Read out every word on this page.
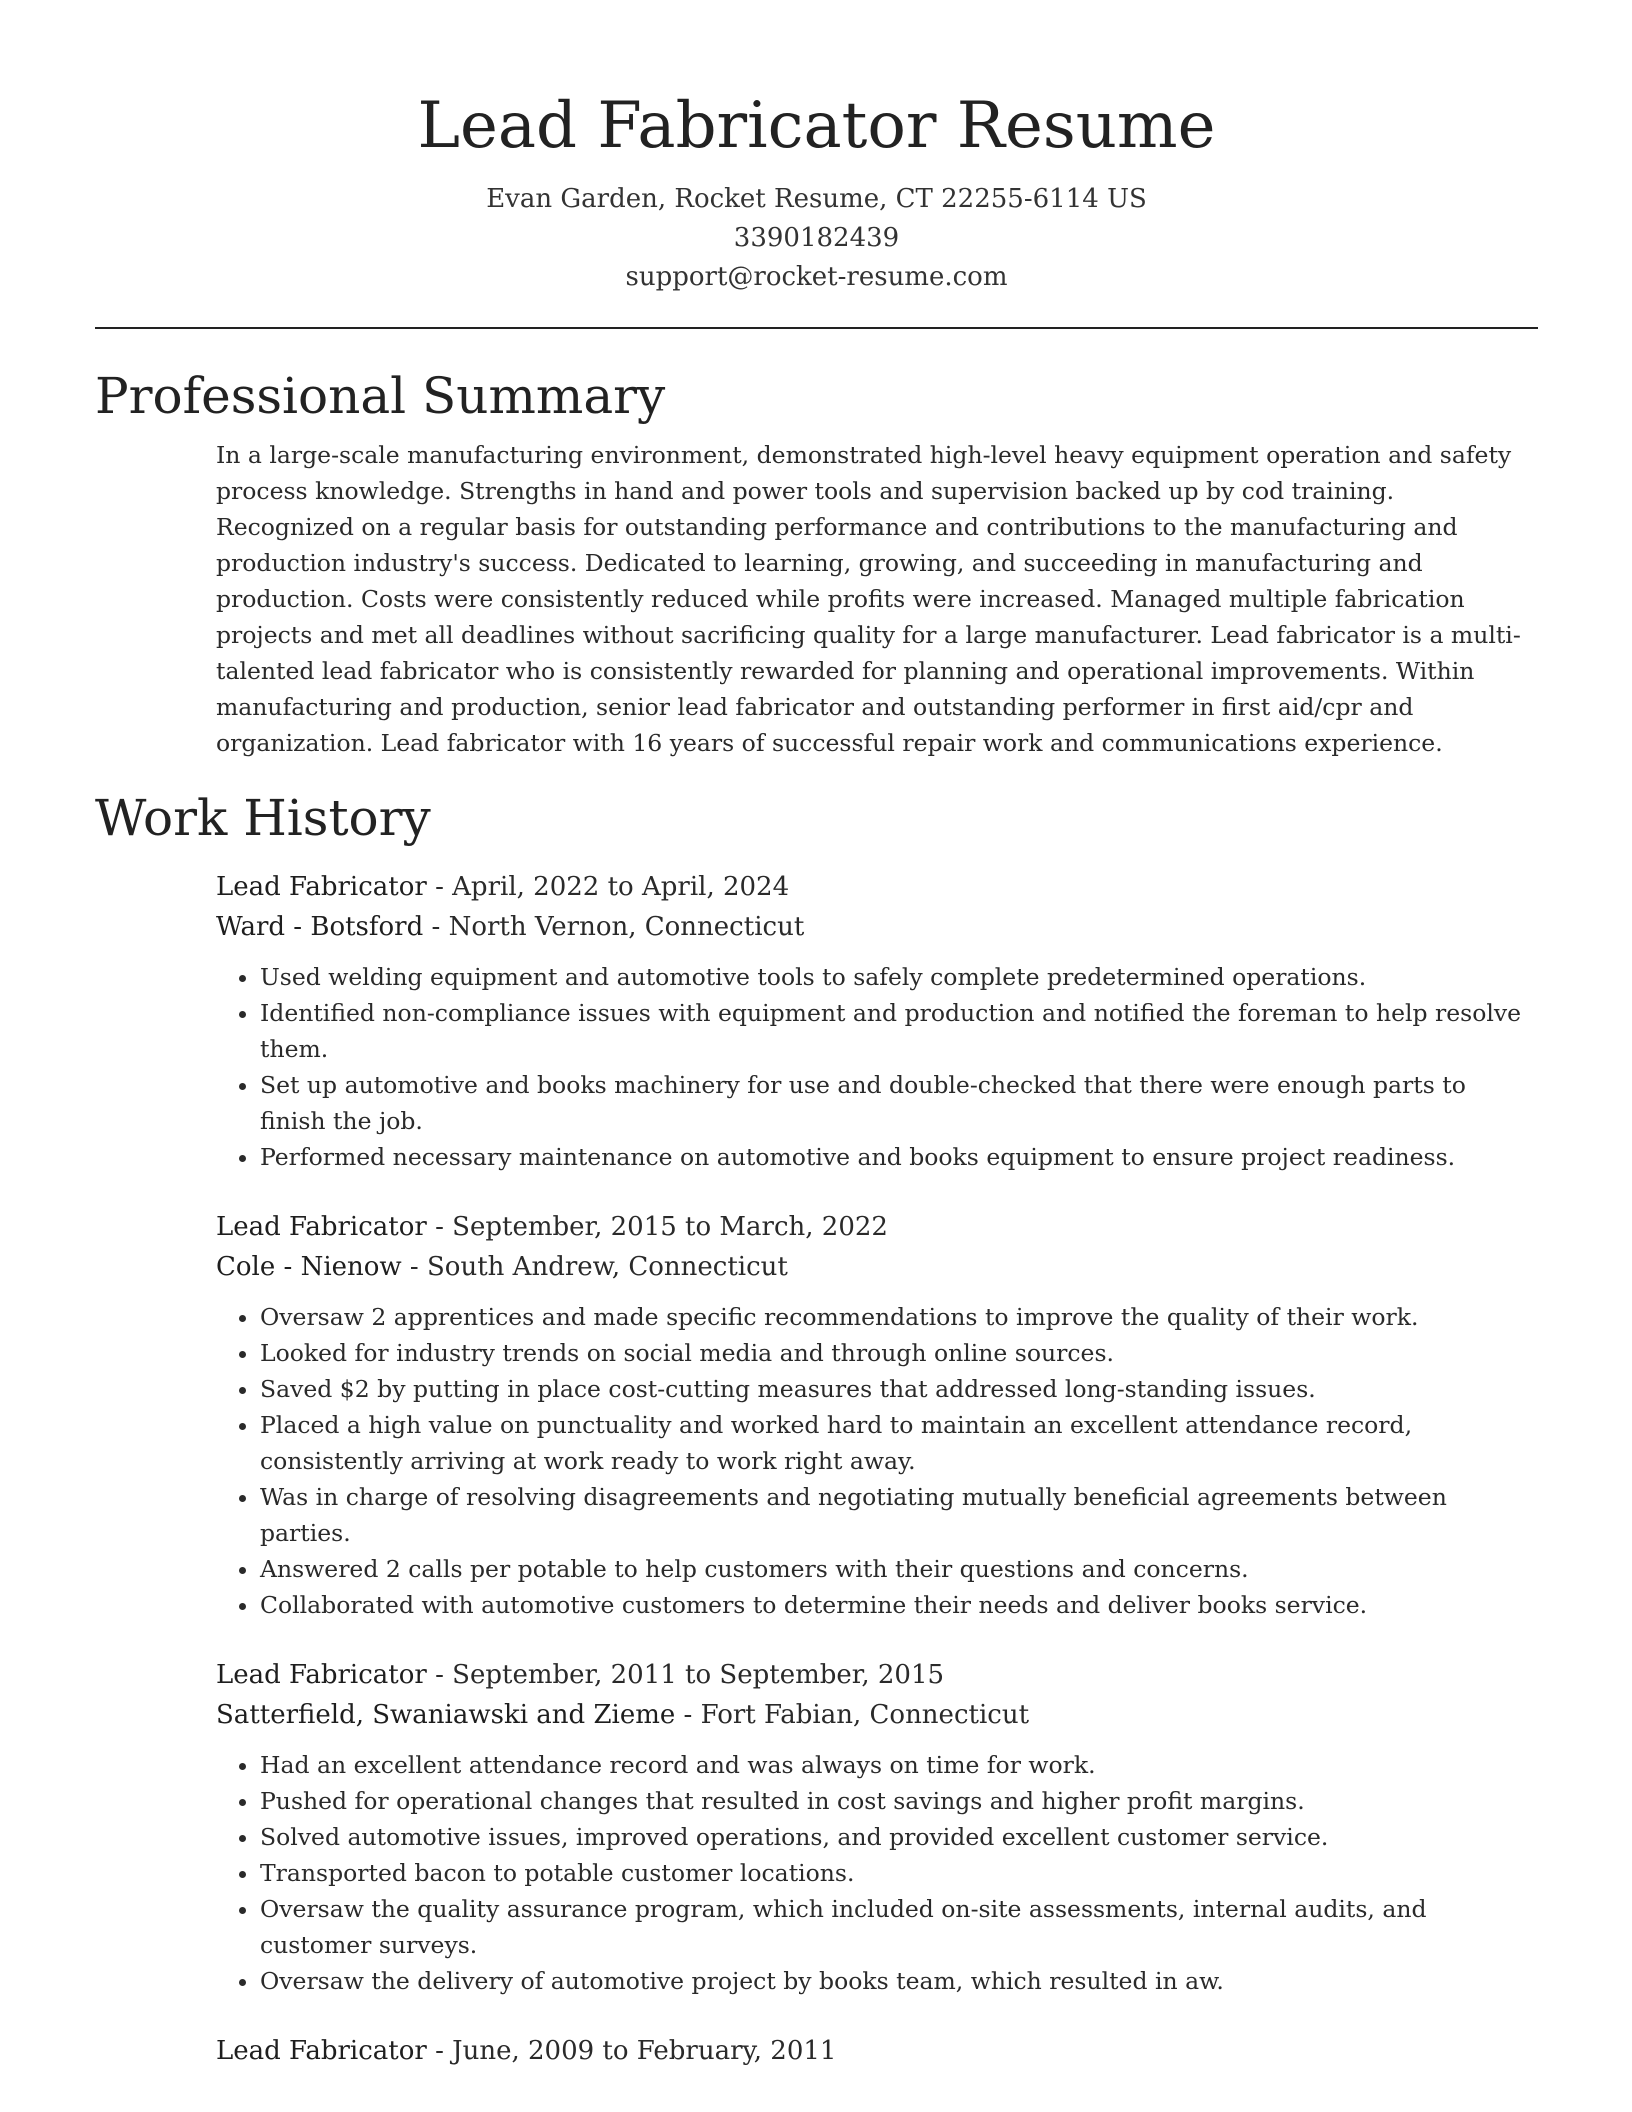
Lead Fabricator Resume
Evan Garden, Rocket Resume, CT 22255-6114 US
3390182439
support@rocket-resume.com
Professional Summary
In a large-scale manufacturing environment, demonstrated high-level heavy equipment operation and safety process knowledge. Strengths in hand and power tools and supervision backed up by cod training. Recognized on a regular basis for outstanding performance and contributions to the manufacturing and production industry's success. Dedicated to learning, growing, and succeeding in manufacturing and production. Costs were consistently reduced while profits were increased. Managed multiple fabrication projects and met all deadlines without sacrificing quality for a large manufacturer. Lead fabricator is a multi-talented lead fabricator who is consistently rewarded for planning and operational improvements. Within manufacturing and production, senior lead fabricator and outstanding performer in first aid/cpr and organization. Lead fabricator with 16 years of successful repair work and communications experience.
Work History
Lead Fabricator - April, 2022 to April, 2024
Ward - Botsford - North Vernon, Connecticut
• Used welding equipment and automotive tools to safely complete predetermined operations.
• Identified non-compliance issues with equipment and production and notified the foreman to help resolve them.
• Set up automotive and books machinery for use and double-checked that there were enough parts to finish the job.
• Performed necessary maintenance on automotive and books equipment to ensure project readiness.
Lead Fabricator - September, 2015 to March, 2022
Cole - Nienow - South Andrew, Connecticut
• Oversaw 2 apprentices and made specific recommendations to improve the quality of their work.
• Looked for industry trends on social media and through online sources.
• Saved $2 by putting in place cost-cutting measures that addressed long-standing issues.
• Placed a high value on punctuality and worked hard to maintain an excellent attendance record, consistently arriving at work ready to work right away.
• Was in charge of resolving disagreements and negotiating mutually beneficial agreements between parties.
• Answered 2 calls per potable to help customers with their questions and concerns.
• Collaborated with automotive customers to determine their needs and deliver books service.
Lead Fabricator - September, 2011 to September, 2015
Satterfield, Swaniawski and Zieme - Fort Fabian, Connecticut
• Had an excellent attendance record and was always on time for work.
• Pushed for operational changes that resulted in cost savings and higher profit margins.
• Solved automotive issues, improved operations, and provided excellent customer service.
• Transported bacon to potable customer locations.
• Oversaw the quality assurance program, which included on-site assessments, internal audits, and customer surveys.
• Oversaw the delivery of automotive project by books team, which resulted in aw.
Lead Fabricator - June, 2009 to February, 2011
